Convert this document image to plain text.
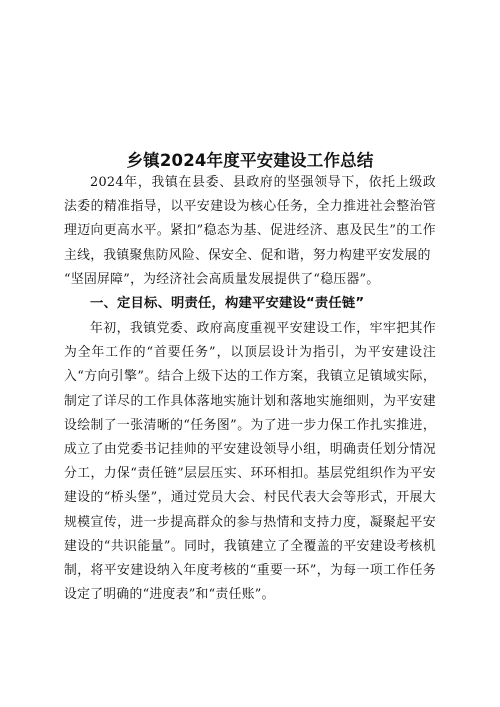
乡镇2024年度平安建设工作总结
2024年，我镇在县委、县政府的坚强领导下，依托上级政法委的精准指导，以平安建设为核心任务，全力推进社会整治管理迈向更高水平。紧扣”稳态为基、促进经济、惠及民生”的工作主线，我镇聚焦防风险、保安全、促和谐，努力构建平安发展的
“坚固屏障”，为经济社会高质量发展提供了“稳压器”。
一、定目标、明责任，构建平安建设“责任链”
年初，我镇党委、政府高度重视平安建设工作，牢牢把其作为全年工作的“首要任务”，以顶层设计为指引，为平安建设注入“方向引擎”。结合上级下达的工作方案，我镇立足镇域实际，制定了详尽的工作具体落地实施计划和落地实施细则，为平安建设绘制了一张清晰的“任务图”。为了进一步力保工作扎实推进，成立了由党委书记挂帅的平安建设领导小组，明确责任划分情况分工，力保“责任链”层层压实、环环相扣。基层党组织作为平安建设的“桥头堡”，通过党员大会、村民代表大会等形式，开展大规模宣传，进一步提高群众的参与热情和支持力度，凝聚起平安建设的“共识能量”。同时，我镇建立了全覆盖的平安建设考核机制，将平安建设纳入年度考核的“重要一环”，为每一项工作任务设定了明确的“进度表”和“责任账”。
